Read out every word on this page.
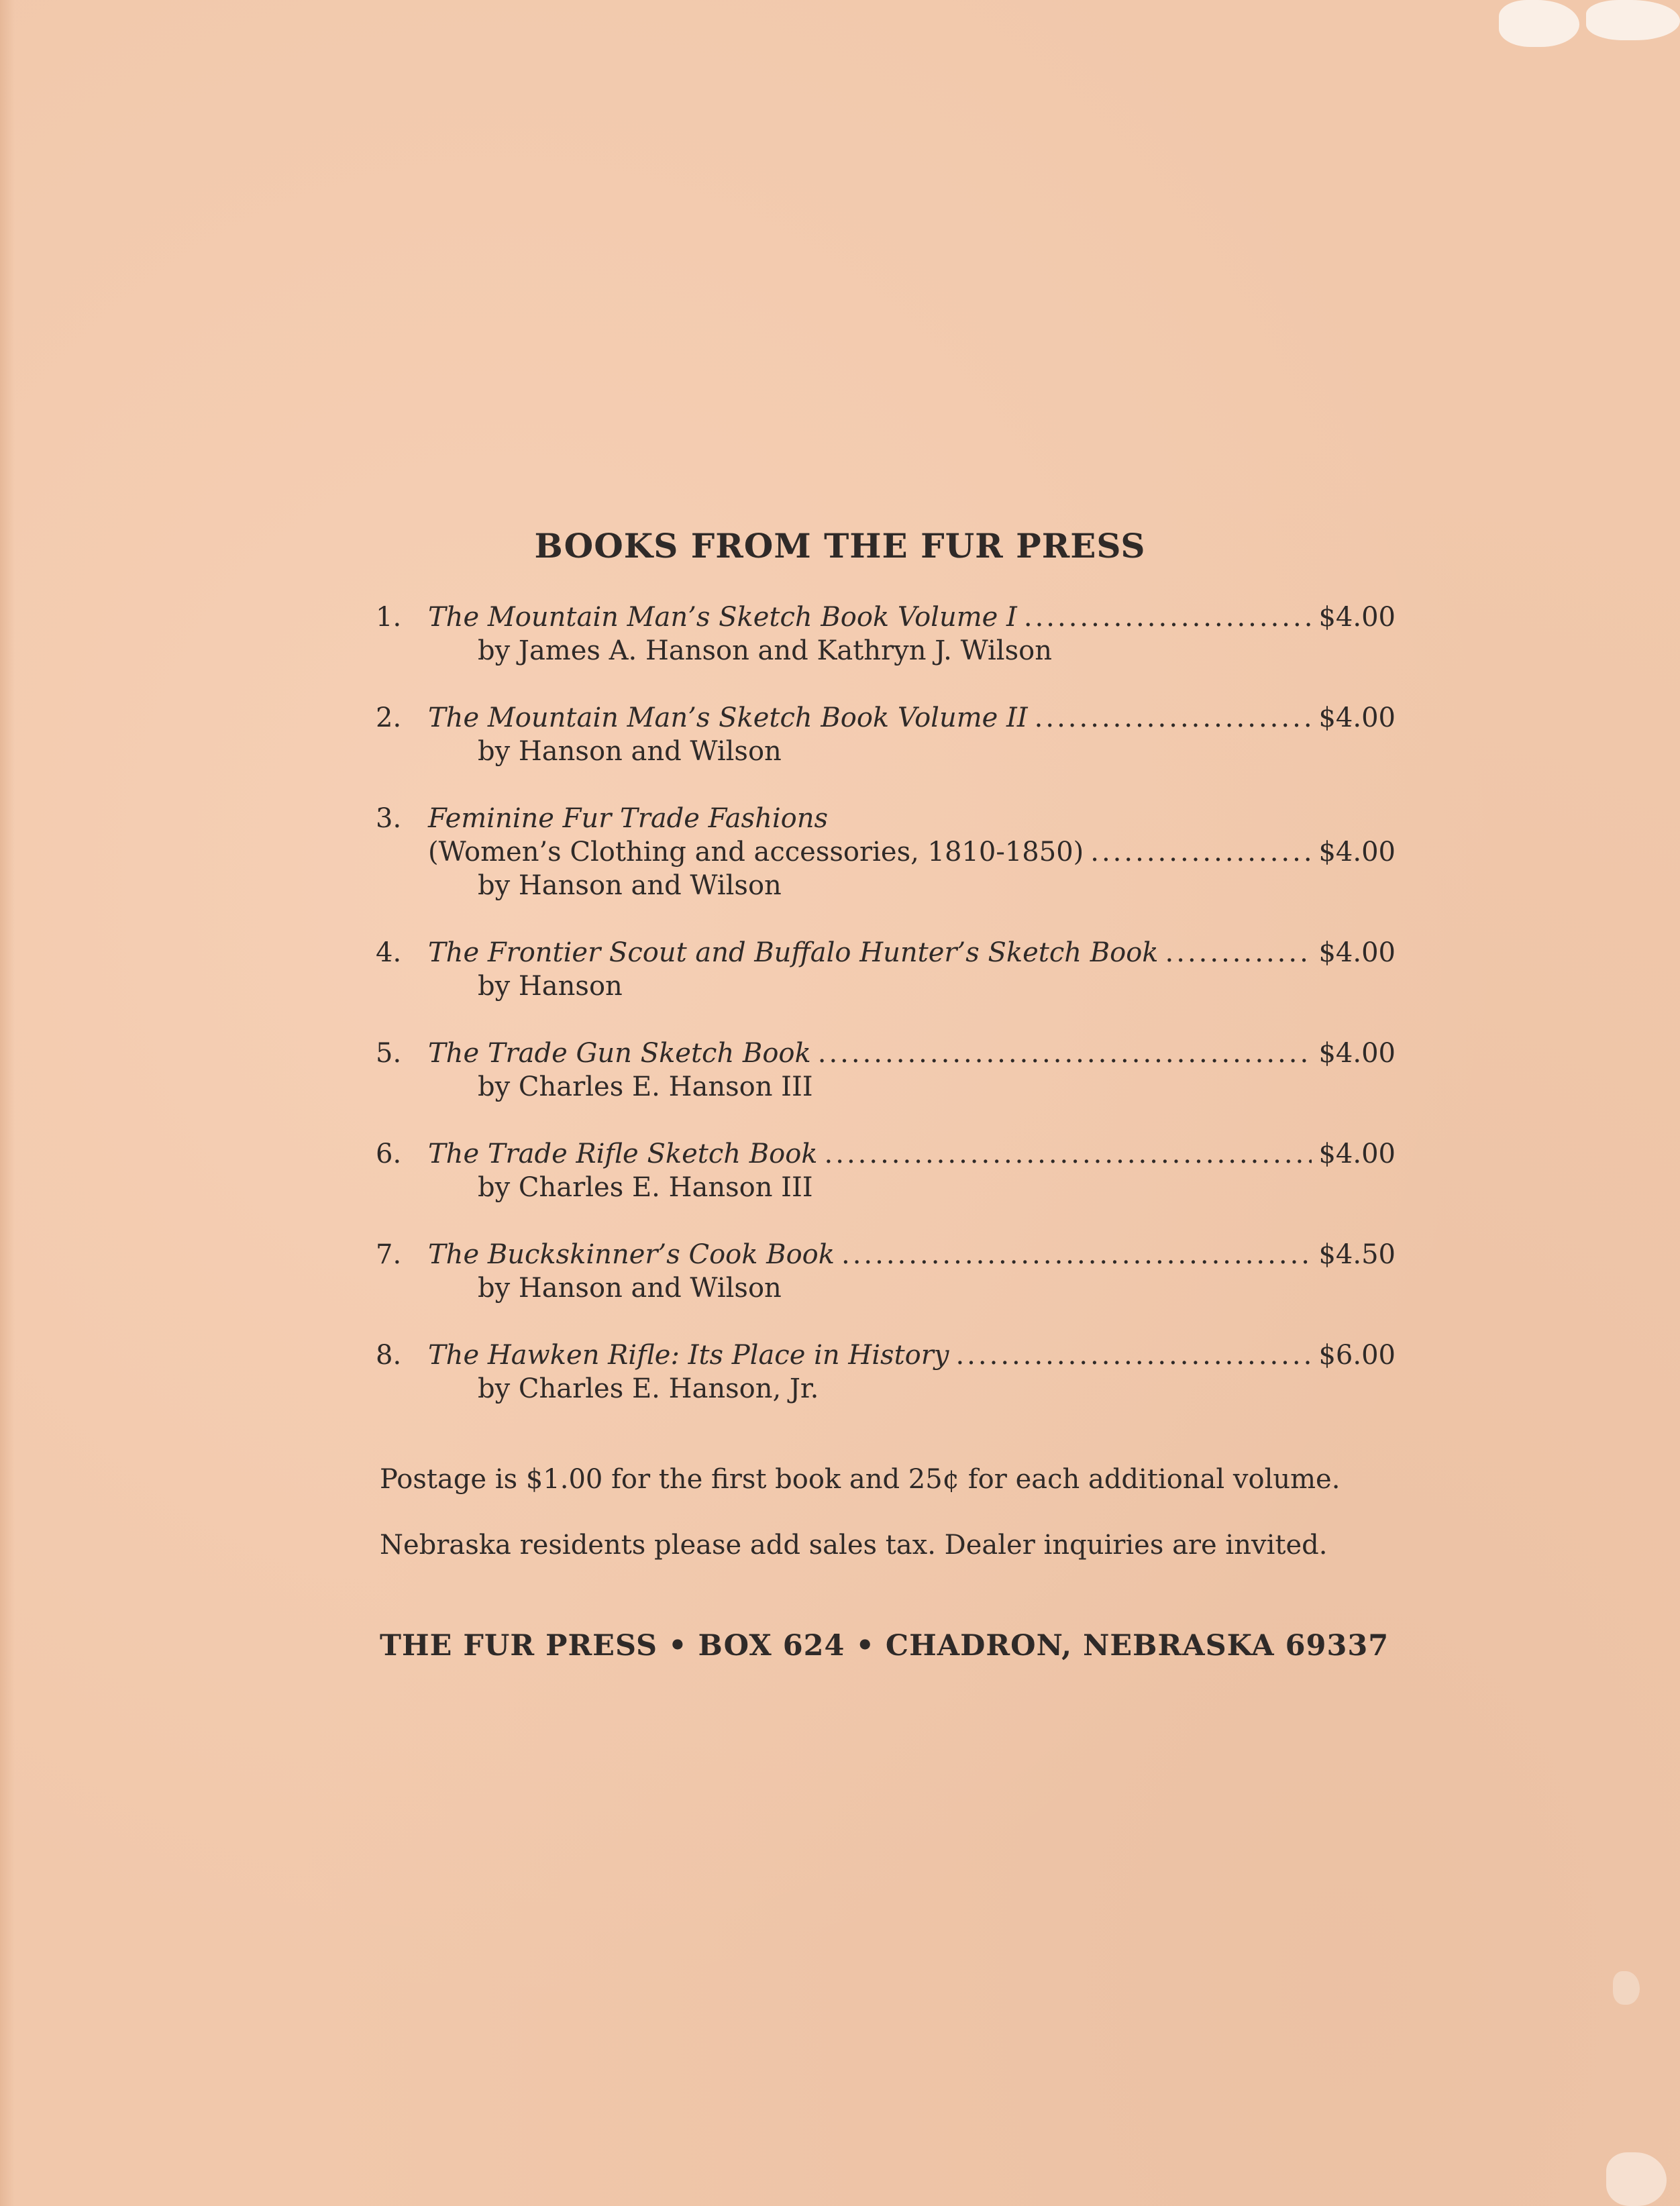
BOOKS FROM THE FUR PRESS
1. The Mountain Man’s Sketch Book Volume I .....	$4.00
by James A. Hanson and Kathryn J. Wilson
2. The Mountain Man’s Sketch Book Volume II .....	$4.00
by Hanson and Wilson
3. Feminine Fur Trade Fashions
(Women’s Clothing and accessories, 1810-1850) .....	$4.00
by Hanson and Wilson
4. The Frontier Scout and Buffalo Hunter’s Sketch Book .....	$4.00
by Hanson
5. The Trade Gun Sketch Book .....	$4.00
by Charles E. Hanson III
6. The Trade Rifle Sketch Book .....	$4.00
by Charles E. Hanson III
7. The Buckskinner’s Cook Book .....	$4.50
by Hanson and Wilson
8. The Hawken Rifle: Its Place in History .....	$6.00
by Charles E. Hanson, Jr.

Postage is $1.00 for the first book and 25¢ for each additional volume.

Nebraska residents please add sales tax. Dealer inquiries are invited.

THE FUR PRESS • BOX 624 • CHADRON, NEBRASKA 69337
